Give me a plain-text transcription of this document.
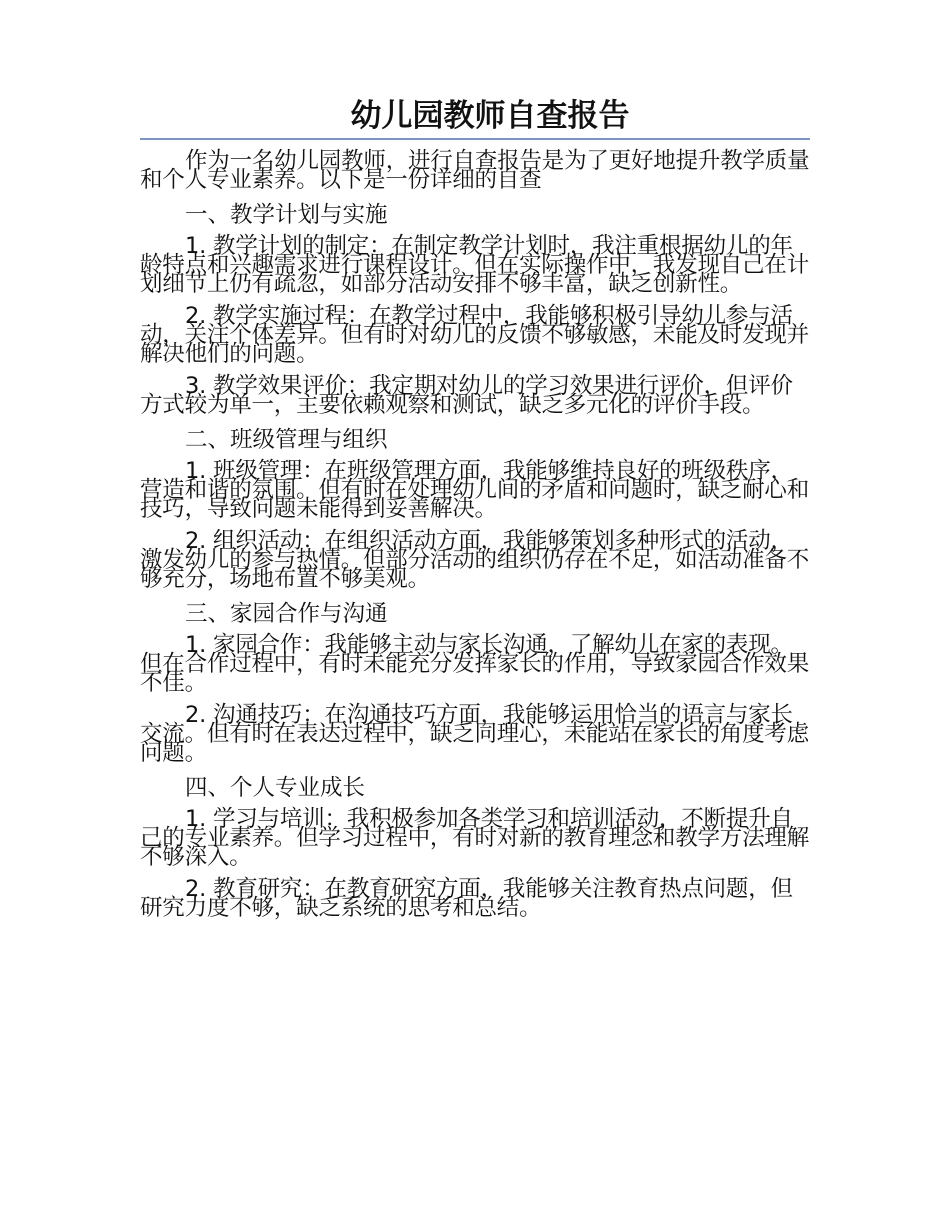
幼儿园教师自查报告

作为一名幼儿园教师，进行自查报告是为了更好地提升教学质量和个人专业素养。以下是一份详细的自查

一、教学计划与实施

1. 教学计划的制定：在制定教学计划时，我注重根据幼儿的年龄特点和兴趣需求进行课程设计。但在实际操作中，我发现自己在计划细节上仍有疏忽，如部分活动安排不够丰富，缺乏创新性。

2. 教学实施过程：在教学过程中，我能够积极引导幼儿参与活动，关注个体差异。但有时对幼儿的反馈不够敏感，未能及时发现并解决他们的问题。

3. 教学效果评价：我定期对幼儿的学习效果进行评价，但评价方式较为单一，主要依赖观察和测试，缺乏多元化的评价手段。

二、班级管理与组织

1. 班级管理：在班级管理方面，我能够维持良好的班级秩序，营造和谐的氛围。但有时在处理幼儿间的矛盾和问题时，缺乏耐心和技巧，导致问题未能得到妥善解决。

2. 组织活动：在组织活动方面，我能够策划多种形式的活动，激发幼儿的参与热情。但部分活动的组织仍存在不足，如活动准备不够充分，场地布置不够美观。

三、家园合作与沟通

1. 家园合作：我能够主动与家长沟通，了解幼儿在家的表现。但在合作过程中，有时未能充分发挥家长的作用，导致家园合作效果不佳。

2. 沟通技巧：在沟通技巧方面，我能够运用恰当的语言与家长交流。但有时在表达过程中，缺乏同理心，未能站在家长的角度考虑问题。

四、个人专业成长

1. 学习与培训：我积极参加各类学习和培训活动，不断提升自己的专业素养。但学习过程中，有时对新的教育理念和教学方法理解不够深入。

2. 教育研究：在教育研究方面，我能够关注教育热点问题，但研究力度不够，缺乏系统的思考和总结。
